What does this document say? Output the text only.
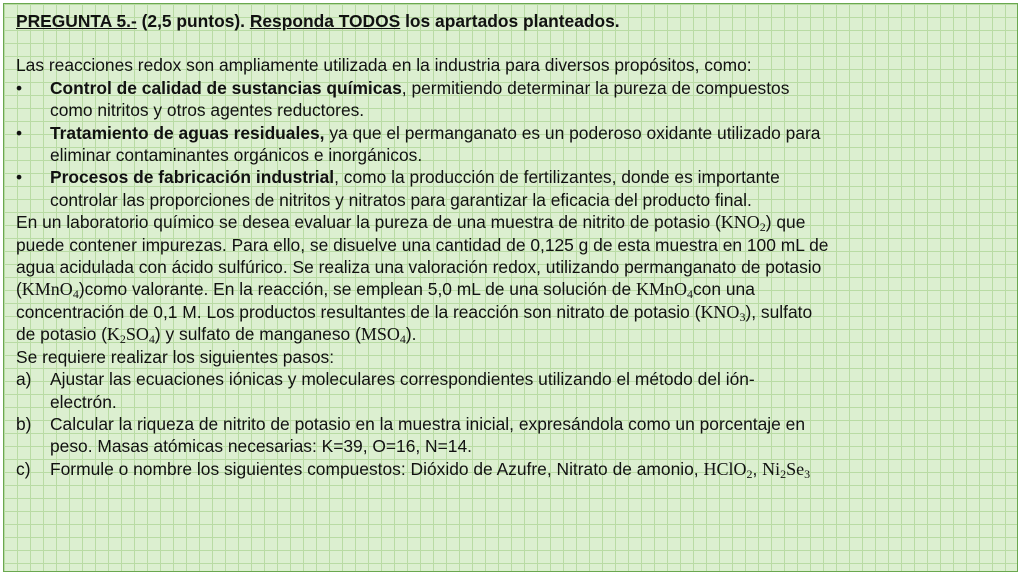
PREGUNTA 5.- (2,5 puntos). Responda TODOS los apartados planteados.
Las reacciones redox son ampliamente utilizada en la industria para diversos propósitos, como:
• Control de calidad de sustancias químicas, permitiendo determinar la pureza de compuestos
como nitritos y otros agentes reductores.
• Tratamiento de aguas residuales, ya que el permanganato es un poderoso oxidante utilizado para
eliminar contaminantes orgánicos e inorgánicos.
• Procesos de fabricación industrial, como la producción de fertilizantes, donde es importante
controlar las proporciones de nitritos y nitratos para garantizar la eficacia del producto final.
En un laboratorio químico se desea evaluar la pureza de una muestra de nitrito de potasio $(KNO_2)$ que
puede contener impurezas. Para ello, se disuelve una cantidad de 0,125 g de esta muestra en 100 mL de
agua acidulada con ácido sulfúrico. Se realiza una valoración redox, utilizando permanganato de potasio
(KMnO$_4$)como valorante. En la reacción, se emplean 5,0 mL de una solución de KMnO$_4$con una
concentración de 0,1 M. Los productos resultantes de la reacción son nitrato de potasio $(KNO_3)$, sulfato
de potasio $(K_2SO_4)$ y sulfato de manganeso $(MSO_4)$.
Se requiere realizar los siguientes pasos:
a) Ajustar las ecuaciones iónicas y moleculares correspondientes utilizando el método del ión-
electrón.
b) Calcular la riqueza de nitrito de potasio en la muestra inicial, expresándola como un porcentaje en
peso. Masas atómicas necesarias: K=39, O=16, N=14.
c) Formule o nombre los siguientes compuestos: Dióxido de Azufre, Nitrato de amonio, HClO$_2$, $Ni_2Se_3$
